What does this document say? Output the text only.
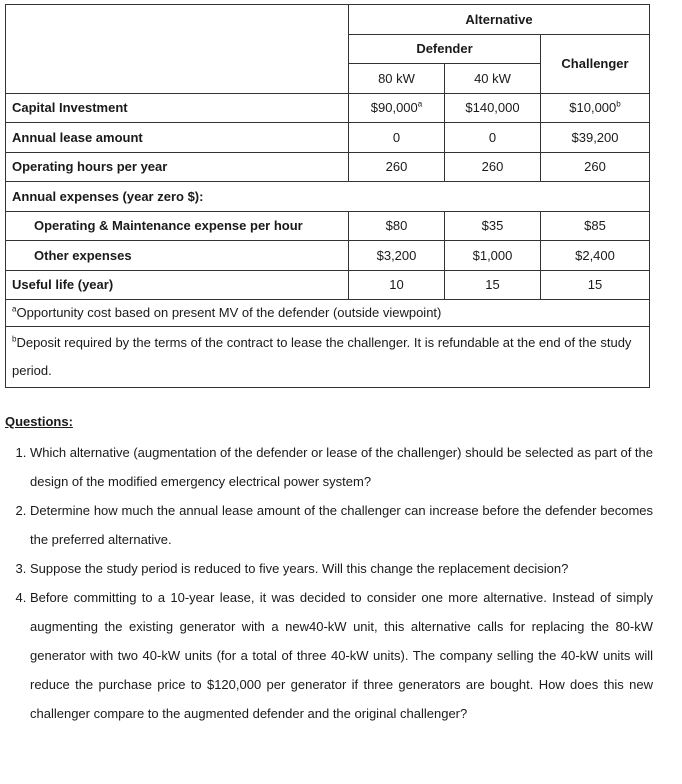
	Alternative		
	Defender		Challenger
	80 kW	40 kW	
Capital Investment	$90,000$^a$	$140,000	$10,000$^b$
Annual lease amount	0	0	$39,200
Operating hours per year	260	260	260
Annual expenses (year zero $):			
Operating & Maintenance expense per hour	$80	$35	$85
Other expenses	$3,200	$1,000	$2,400
Useful life (year)	10	15	15
$^a$Opportunity cost based on present MV of the defender (outside viewpoint)			
$^b$Deposit required by the terms of the contract to lease the challenger. It is refundable at the end of the study period.			
Questions:
1. Which alternative (augmentation of the defender or lease of the challenger) should be selected as part of the design of the modified emergency electrical power system?
2. Determine how much the annual lease amount of the challenger can increase before the defender becomes the preferred alternative.
3. Suppose the study period is reduced to five years. Will this change the replacement decision?
4. Before committing to a 10-year lease, it was decided to consider one more alternative. Instead of simply augmenting the existing generator with a new40-kW unit, this alternative calls for replacing the 80-kW generator with two 40-kW units (for a total of three 40-kW units). The company selling the 40-kW units will reduce the purchase price to $120,000 per generator if three generators are bought. How does this new challenger compare to the augmented defender and the original challenger?
